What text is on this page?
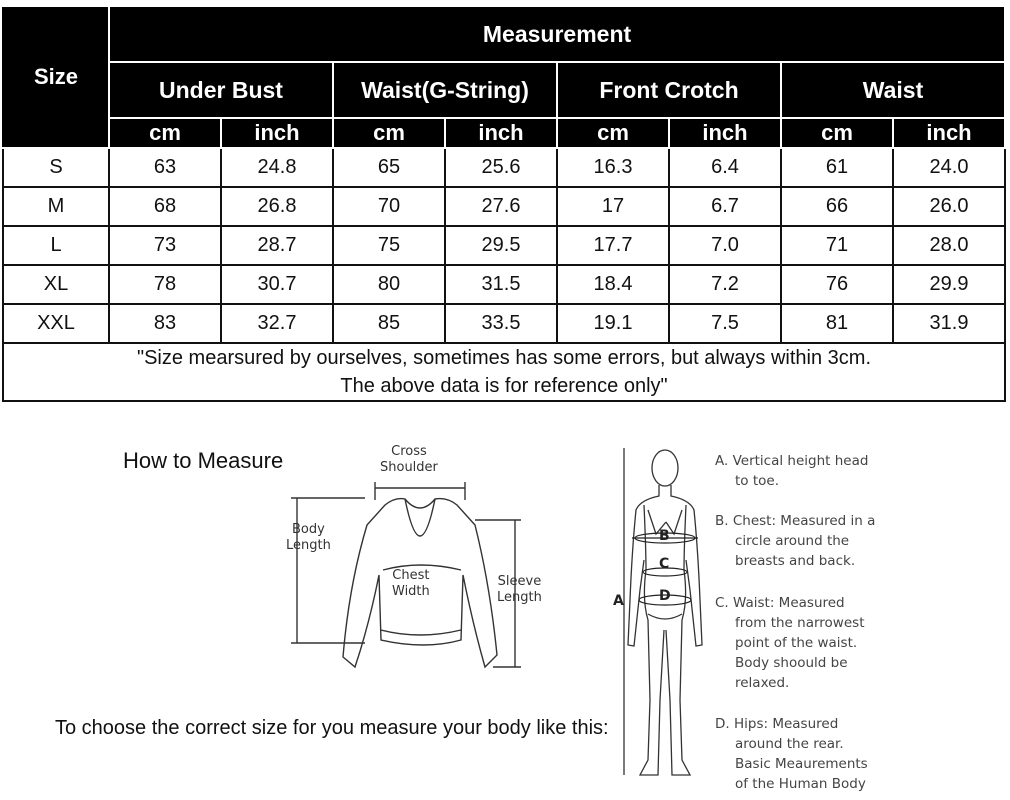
Size	Measurement							
	Under Bust		Waist(G-String)		Front Crotch		Waist	
	cm	inch	cm	inch	cm	inch	cm	inch
S	63	24.8	65	25.6	16.3	6.4	61	24.0
M	68	26.8	70	27.6	17	6.7	66	26.0
L	73	28.7	75	29.5	17.7	7.0	71	28.0
XL	78	30.7	80	31.5	18.4	7.2	76	29.9
XXL	83	32.7	85	33.5	19.1	7.5	81	31.9

"Size mearsured by ourselves, sometimes has some errors, but always within 3cm.
The above data is for reference only"								
How to Measure	Cross
Shoulder
Body
Length
Chest
Width
Sleeve
Length
To choose the correct size for you measure your body like this:
B
C
A	D
A. Vertical height head
to toe.
B. Chest: Measured in a
circle around the
breasts and back.
C. Waist: Measured
from the narrowest
point of the waist.
Body shoould be
relaxed.
D. Hips: Measured
around the rear.
Basic Meaurements
of the Human Body
